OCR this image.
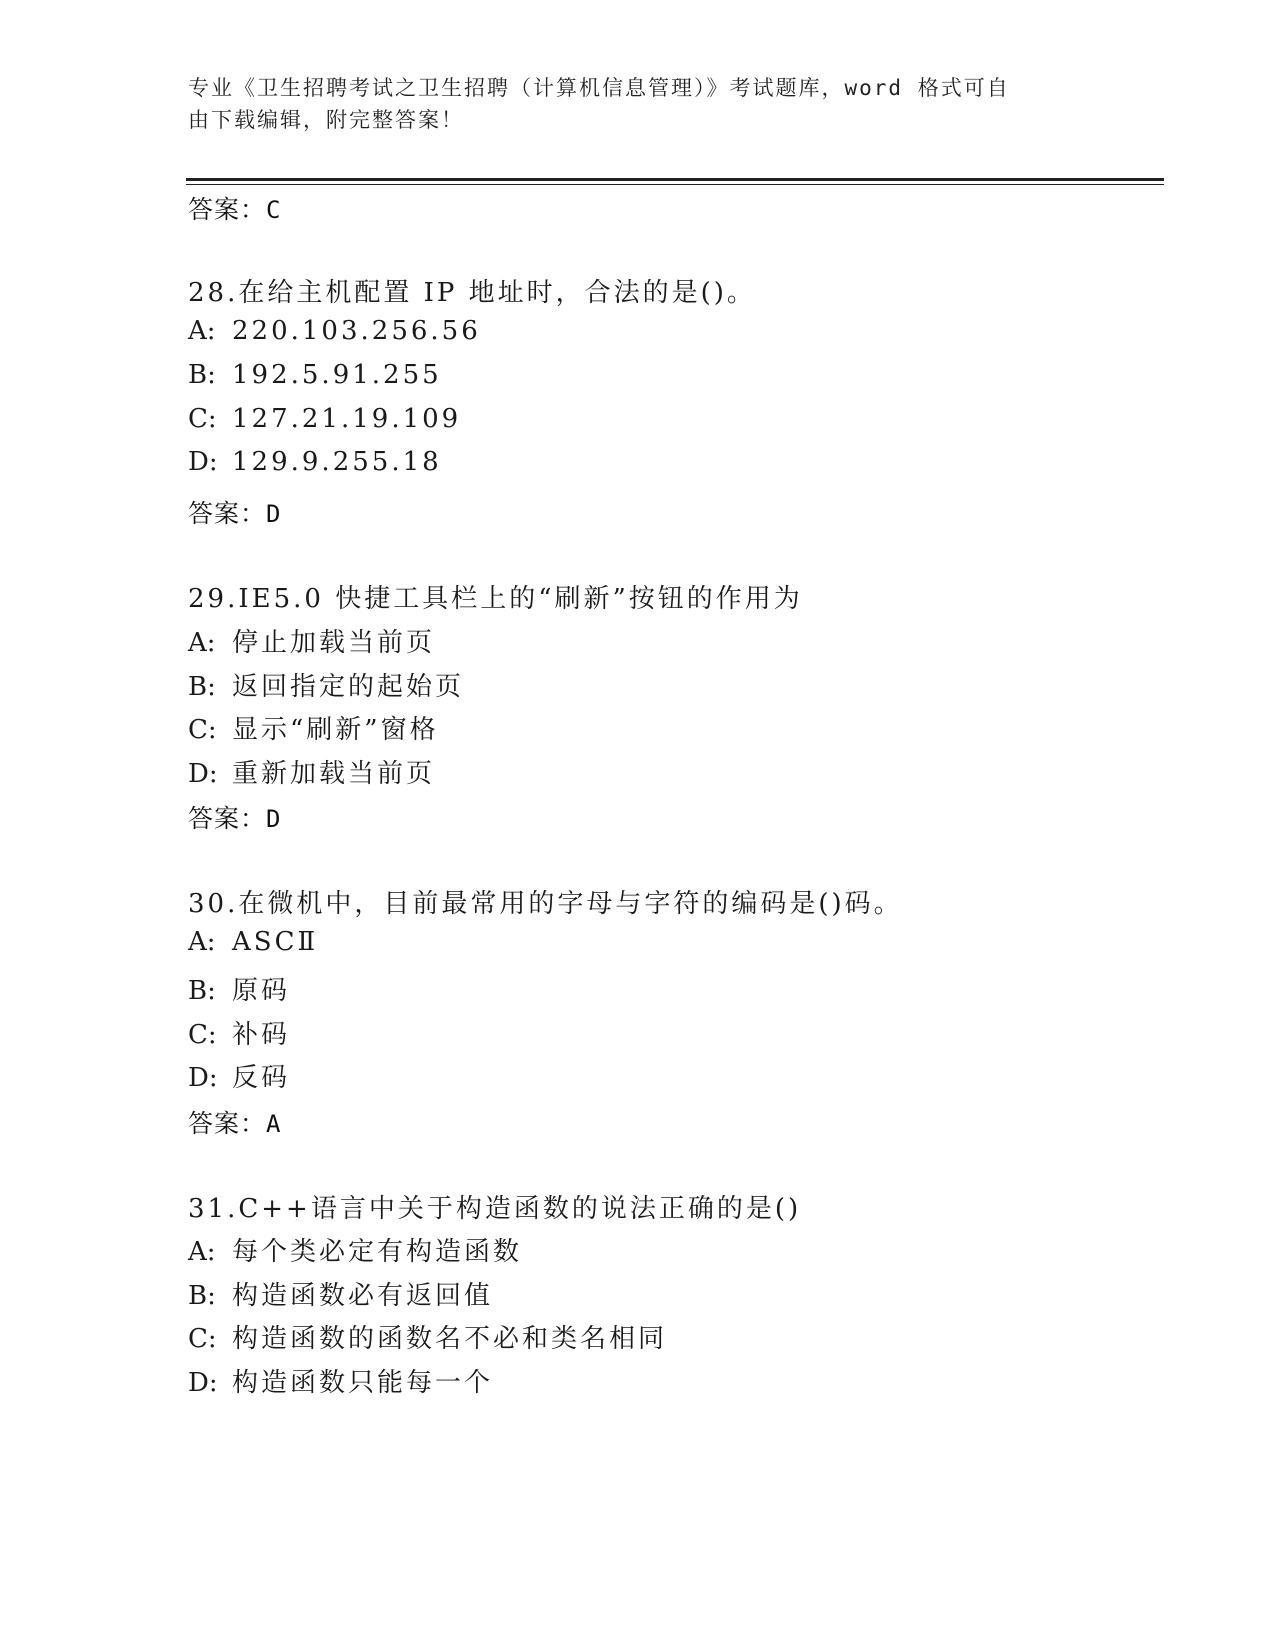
专业《卫生招聘考试之卫生招聘（计算机信息管理）》考试题库，word 格式可自
由下载编辑，附完整答案！
答案：C
28.在给主机配置 IP 地址时，合法的是()。
A: 220.103.256.56
B: 192.5.91.255
C: 127.21.19.109
D: 129.9.255.18
答案：D
29.IE5.0 快捷工具栏上的“刷新”按钮的作用为
A: 停止加载当前页
B: 返回指定的起始页
C: 显示“刷新”窗格
D: 重新加载当前页
答案：D
30.在微机中，目前最常用的字母与字符的编码是()码。
A: ASCⅡ
B: 原码
C: 补码
D: 反码
答案：A
31.C++语言中关于构造函数的说法正确的是()
A: 每个类必定有构造函数
B: 构造函数必有返回值
C: 构造函数的函数名不必和类名相同
D: 构造函数只能每一个
